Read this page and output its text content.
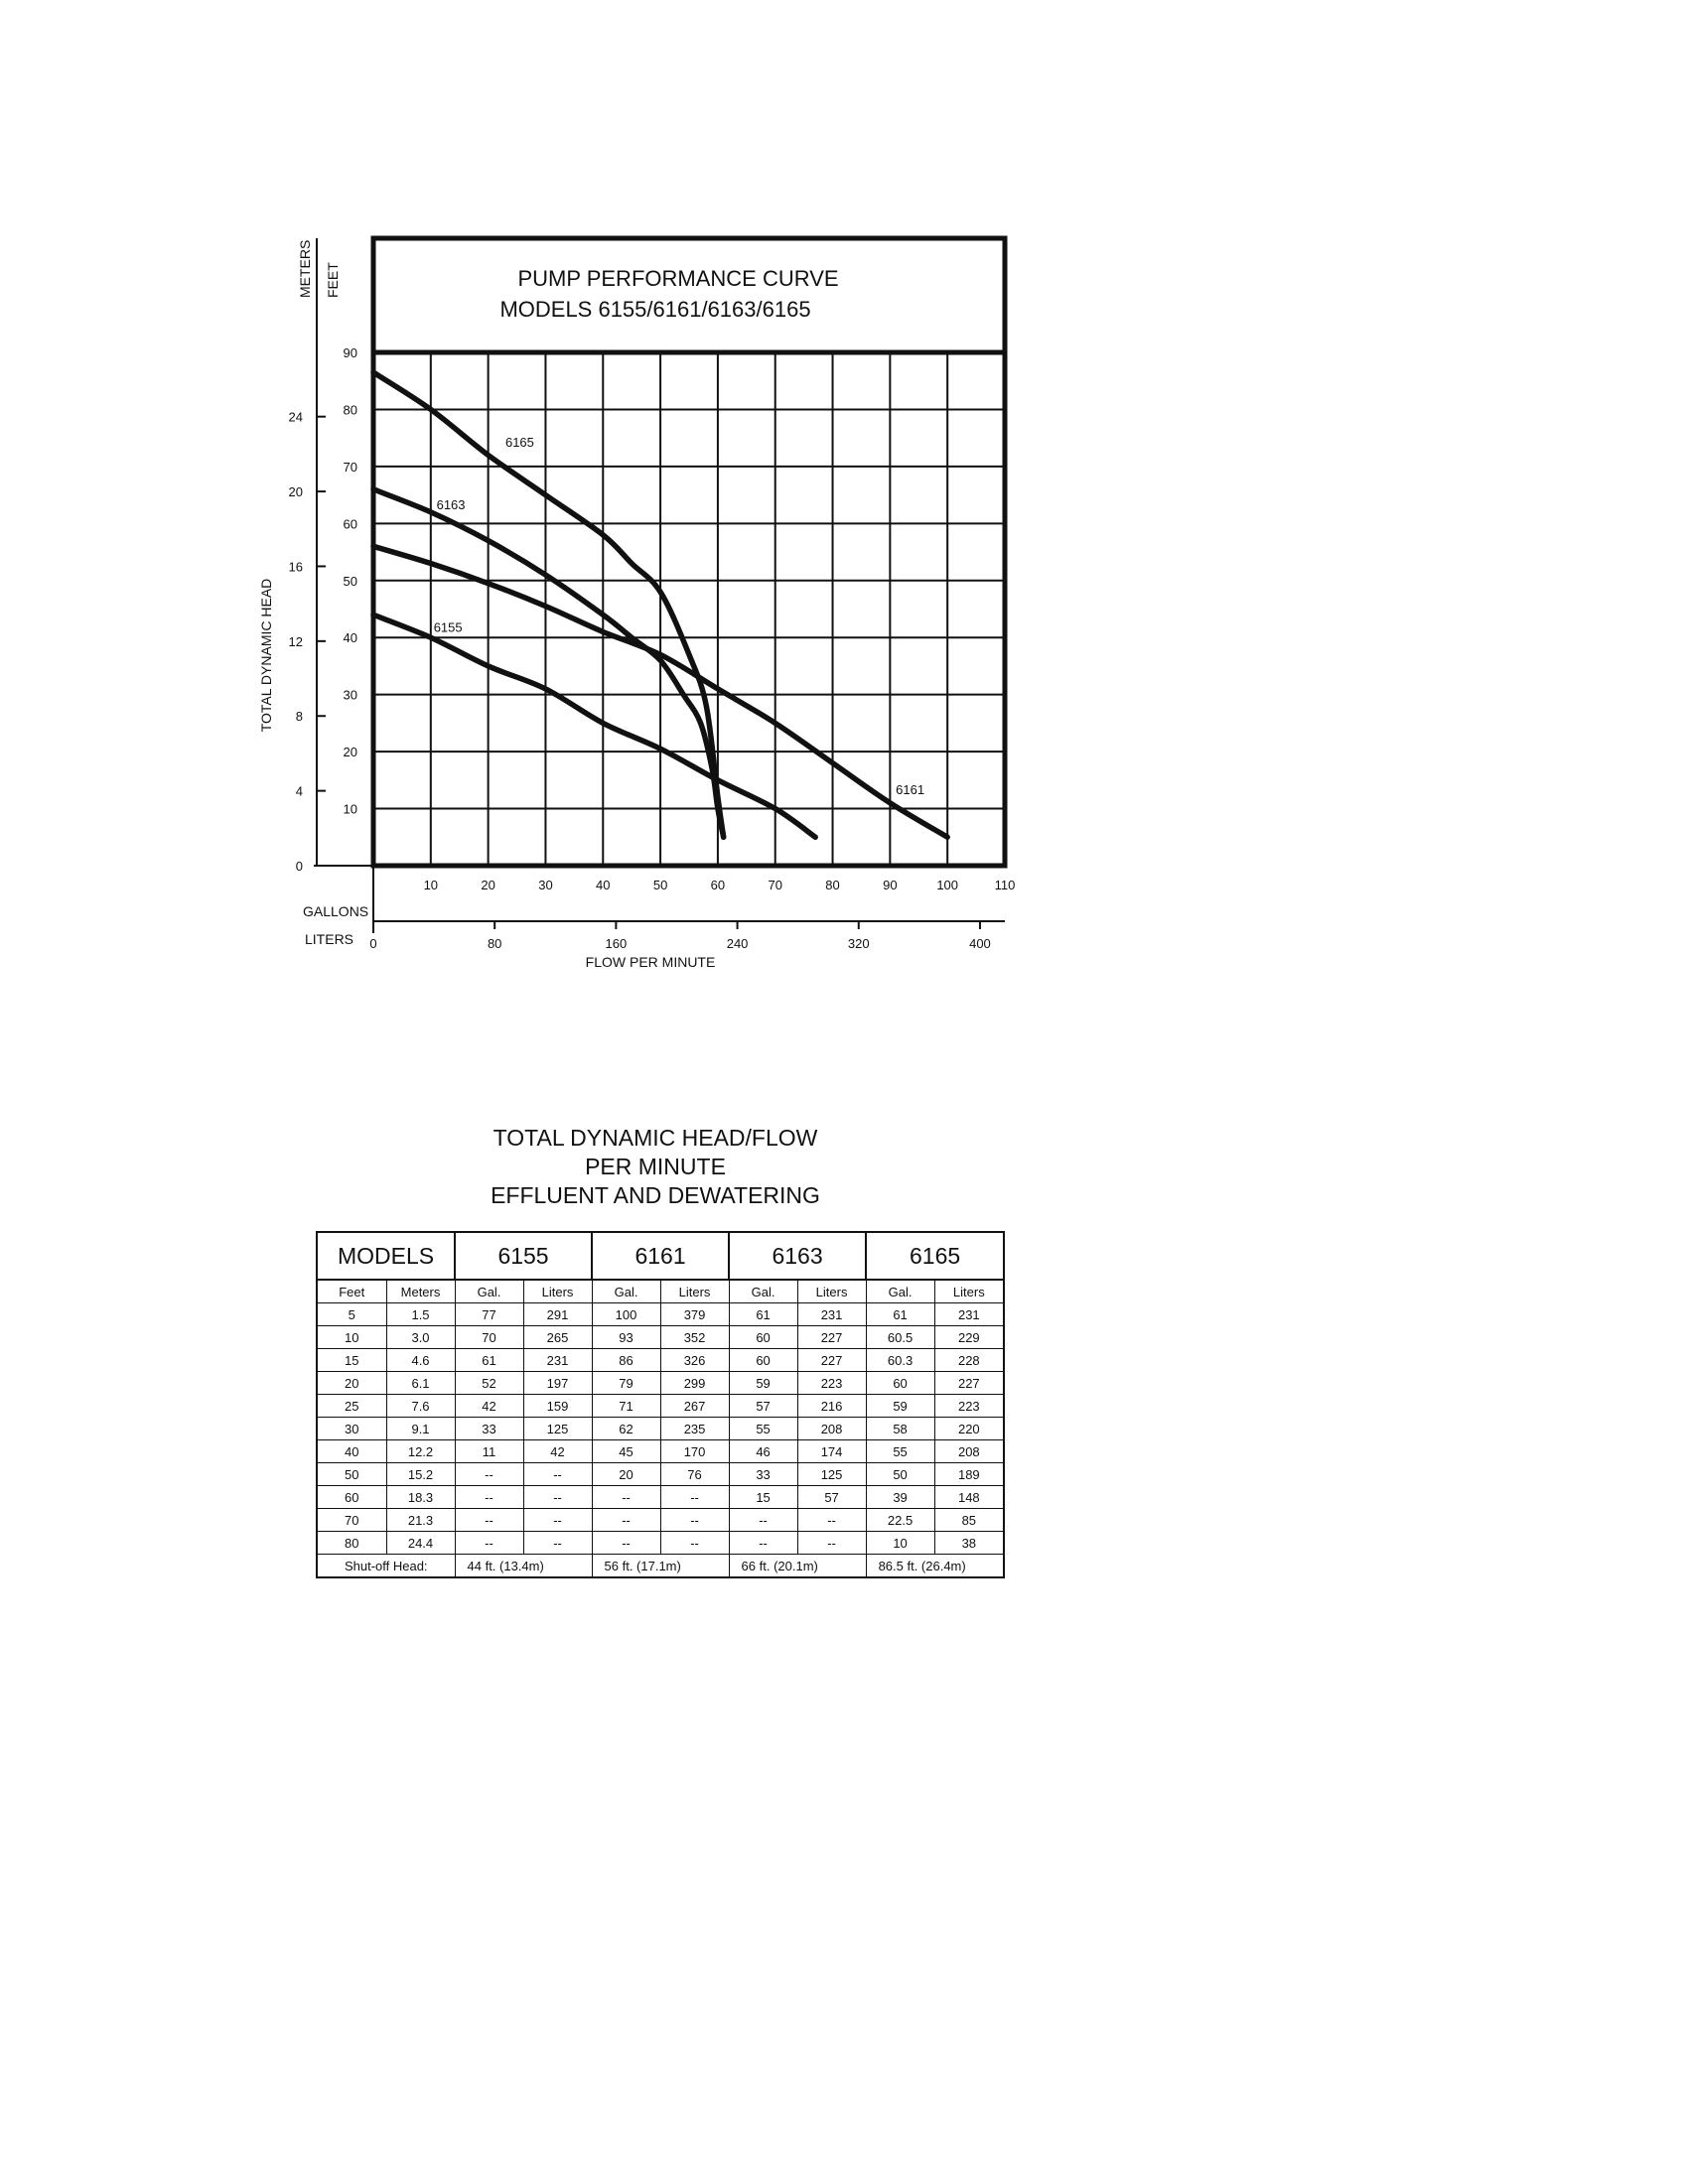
PUMP PERFORMANCE CURVE
MODELS 6155/6161/6163/6165
METERS FEET
TOTAL DYNAMIC HEAD
90
80
70
60
50
40
30
20
10
24
20
16
12
8
4
0
10	20	30	40	50	60	70	80	90	100	110
0	80	160	240	320	400
6165
6163
6161
6155
GALLONS
LITERS
FLOW PER MINUTE
TOTAL DYNAMIC HEAD/FLOW
PER MINUTE
EFFLUENT AND DEWATERING
MODELS		6155		6161		6163		6165	
Feet	Meters	Gal.	Liters	Gal.	Liters	Gal.	Liters	Gal.	Liters
5	1.5	77	291	100	379	61	231	61	231
10	3.0	70	265	93	352	60	227	60.5	229
15	4.6	61	231	86	326	60	227	60.3	228
20	6.1	52	197	79	299	59	223	60	227
25	7.6	42	159	71	267	57	216	59	223
30	9.1	33	125	62	235	55	208	58	220
40	12.2	11	42	45	170	46	174	55	208
50	15.2	--	--	20	76	33	125	50	189
60	18.3	--	--	--	--	15	57	39	148
70	21.3	--	--	--	--	--	--	22.5	85
80	24.4	--	--	--	--	--	--	10	38
Shut-off Head:		44 ft. (13.4m)		56 ft. (17.1m)		66 ft. (20.1m)		86.5 ft. (26.4m)	
